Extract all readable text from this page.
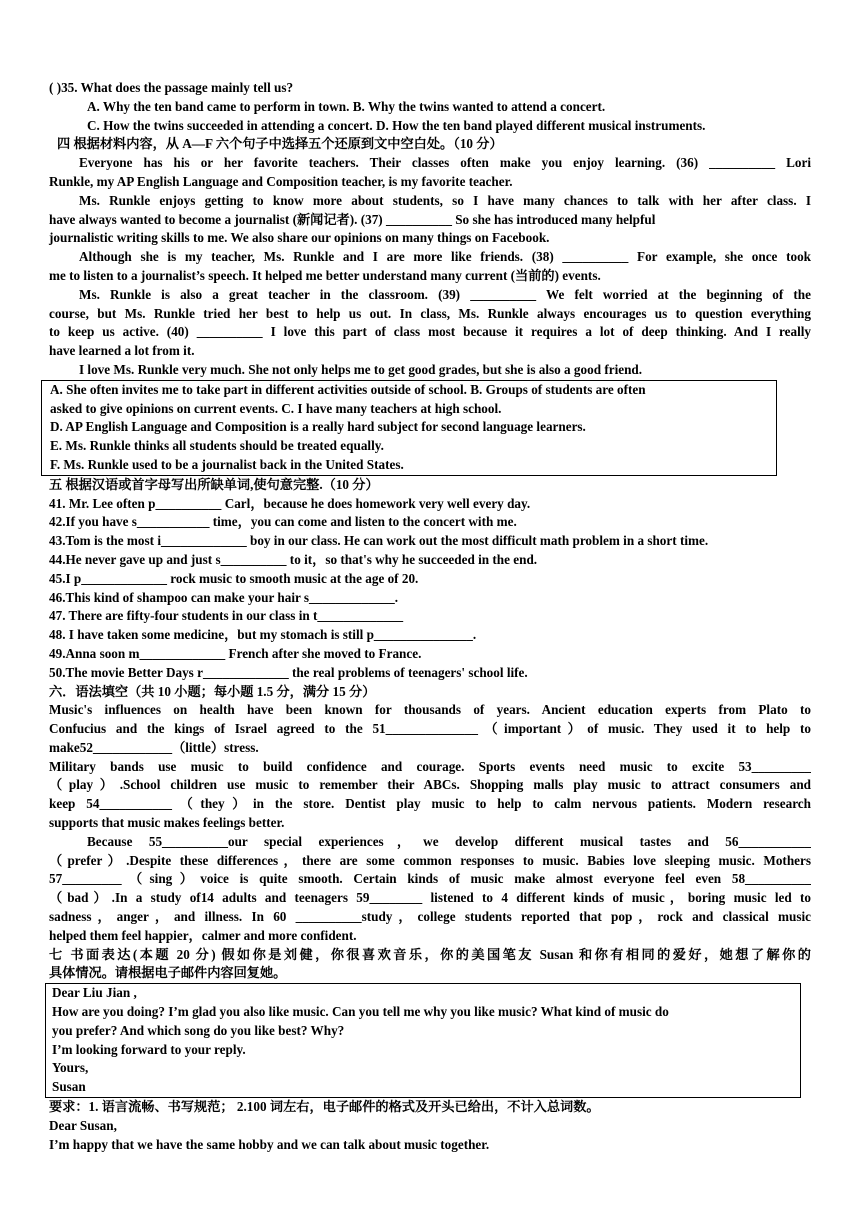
( )35. What does the passage mainly tell us?
A. Why the ten band came to perform in town. B. Why the twins wanted to attend a concert.
C. How the twins succeeded in attending a concert. D. How the ten band played different musical instruments.
四 根据材料内容，从 A—F 六个句子中选择五个还原到文中空白处。（10 分）
Everyone has his or her favorite teachers. Their classes often make you enjoy learning. (36) __________ Lori
Runkle, my AP English Language and Composition teacher, is my favorite teacher.
Ms. Runkle enjoys getting to know more about students, so I have many chances to talk with her after class. I
have always wanted to become a journalist (新闻记者). (37) __________ So she has introduced many helpful
journalistic writing skills to me. We also share our opinions on many things on Facebook.
Although she is my teacher, Ms. Runkle and I are more like friends. (38) __________ For example, she once took
me to listen to a journalist’s speech. It helped me better understand many current (当前的) events.
Ms. Runkle is also a great teacher in the classroom. (39) __________ We felt worried at the beginning of the
course, but Ms. Runkle tried her best to help us out. In class, Ms. Runkle always encourages us to question everything
to keep us active. (40) __________ I love this part of class most because it requires a lot of deep thinking. And I really
have learned a lot from it.
I love Ms. Runkle very much. She not only helps me to get good grades, but she is also a good friend.
A. She often invites me to take part in different activities outside of school. B. Groups of students are often
asked to give opinions on current events. C. I have many teachers at high school.
D. AP English Language and Composition is a really hard subject for second language learners.
E. Ms. Runkle thinks all students should be treated equally.
F. Ms. Runkle used to be a journalist back in the United States.
五 根据汉语或首字母写出所缺单词,使句意完整.（10 分）
41. Mr. Lee often p__________ Carl，because he does homework very well every day.
42.If you have s___________ time，you can come and listen to the concert with me.
43.Tom is the most i_____________ boy in our class. He can work out the most difficult math problem in a short time.
44.He never gave up and just s__________ to it，so that's why he succeeded in the end.
45.I p_____________ rock music to smooth music at the age of 20.
46.This kind of shampoo can make your hair s_____________.
47. There are fifty-four students in our class in t_____________
48. I have taken some medicine，but my stomach is still p_______________.
49.Anna soon m_____________ French after she moved to France.
50.The movie Better Days r_____________ the real problems of teenagers' school life.
六．语法填空（共 10 小题；每小题 1.5 分，满分 15 分）
Music's influences on health have been known for thousands of years. Ancient education experts from Plato to
Confucius and the kings of Israel agreed to the 51______________（important）of music. They used it to help to
make52____________（little）stress.
Military bands use music to build confidence and courage. Sports events need music to excite 53_________
（play）.School children use music to remember their ABCs. Shopping malls play music to attract consumers and
keep 54___________（they）in the store. Dentist play music to help to calm nervous patients. Modern research
supports that music makes feelings better.
Because 55__________our special experiences，we develop different musical tastes and 56___________
（prefer）.Despite these differences，there are some common responses to music. Babies love sleeping music. Mothers
57_________（sing）voice is quite smooth. Certain kinds of music make almost everyone feel even 58__________
（bad）.In a study of14 adults and teenagers 59________ listened to 4 different kinds of music，boring music led to
sadness，anger，and illness. In 60 __________study，college students reported that pop，rock and classical music
helped them feel happier，calmer and more confident.
七 书面表达(本题 20 分) 假如你是刘健，你很喜欢音乐，你的美国笔友 Susan 和你有相同的爱好，她想了解你的
具体情况。请根据电子邮件内容回复她。
Dear Liu Jian ,
How are you doing? I’m glad you also like music. Can you tell me why you like music? What kind of music do
you prefer? And which song do you like best? Why?
I’m looking forward to your reply.
Yours,
Susan
要求：1. 语言流畅、书写规范； 2.100 词左右，电子邮件的格式及开头已给出，不计入总词数。
Dear Susan,
I’m happy that we have the same hobby and we can talk about music together.
